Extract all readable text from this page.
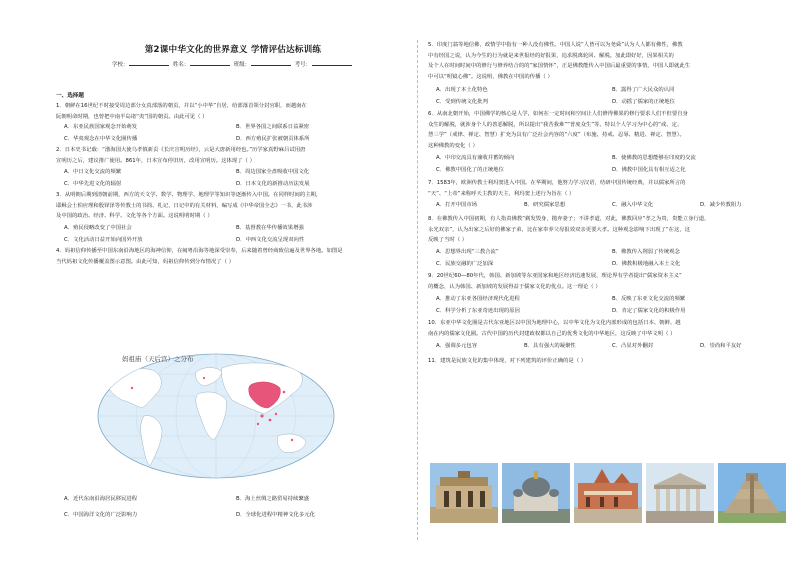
第2课中华文化的世界意义 学情评估达标训练
学校：	姓名：	班级：	考号：
一、选择题
1．朝鲜在16世纪不时接受周边部分女真部落的朝贡，并以“小中华”自居，给部落首领分封官职，而越南在
阮朝明命时期，也曾把中南半岛诸“夷”国的朝贡。由此可见（ ）
A．东亚民族国家观念开始萌发	B．世界各国之间联系日益紧密
C．华夷观念在中华文化圈传播	D．西方殖民扩张被朝贡体系所
2．日本史书记载：“渤海国大使乌孝慎新贡《长庆宣明历经》，云是大唐新用经也。”历学家真野麻吕试用唐
宣明历之后，建议推广使用。861年，日本宣布停旧历，改用宣明历。这体现了（ ）
A．中日文化交流的频繁	B．周边国家全盘吸收中国文化
C．中华先进文化的辐射	D．日本文化的新推动历法发展
3．从明朝后期到清朝前期，西方的天文学、数学、物理学、地理学等知识等逐渐传入中国。在同样时间的主期，
耶稣会士柏应理和殷铎泽等传教士的书简、札记，日记中的有关材料，编写成《中华帝国全志》一书，此书涉
及中国的政治、经济、科学、文化等各个方面。这说明明时期（ ）
A．殖民侵略改变了中国社会	B．基督教在华传播效果增强
C．文化活动日益开始向国外开放	D．中西文化交流呈现双向性
4．妈祖信仰传播至中国东南沿海地区的海神信仰，在闽粤沿海等地深受崇奉，后来随着曾经商致信遍及世界各地。如图是
当代妈祖文化传播覆盖图示意图。由此可知，妈祖信仰传到分布情况了（ ）
妈祖庙（天后宫）之分布
A．近代东南沿海居民移民进程	B．海上丝绸之路贸易持续繁盛
C．中国海洋文化的广泛影响力	D．全球化进程中精神文化多元化
5．印度门翁等地信佛，政情学中指有一种人没有佛性。中国人说“人皆可以为尧舜”认为人人都有佛性，佛教
中有经国之说，认为今生的行为就是来世报经的好报果，追求脱离轮回、解脱。加此即好好，因果相关的
及个人在时间时间中的修行与修养结合的的“家国情怀”，正是佛教能传入中国后最重要的事情，中国人即就此生
中可以“明镜心佛”。这说明，佛教在中国的传播（ ）
A．出现了本土化特色	B．露得了广大民众的认同
C．受到传统文化批判	D．动摇了儒家的正统地位
6．从南北朝开始，中国佛学的核心是人学，如何在一定时间和空间让人们修得佛果的修行要求人们不但要自身
众生的解脱，就涉身个人的善恶解脱，所以提出“我苦我难”“普度众生”等。特以个人学习为中心的“戒、定、
慧三学”（戒律、禅定、智慧）扩充为具有广泛社会内容的“六度”（布施、持戒、忍辱、精进、禅定、智慧）。
这种佛教的变化（ ）
A．中印交流具有兼收并蓄的倾向	B．使佛教的思想能够在印度的交流
C．佛教中国化了的正统地位	D．佛教中国化具有相互适之化
7．1583年，欧洲传教士利玛窦进入中国。在华期间，他努力学习汉语，结研中国传统经典，并以儒家所言的
“天”、“上帝”来称呼天主教的天主，利玛窦上述行为旨在（ ）
A．打开中国市场	B．研究儒家思想	C．融入中华文化	D．减少传教阻力
8．在佛教传入中国初期，有人指责佛教“剃发毁身，抛弃妻子；不讲孝道，对此，佛教回应“孝之为贵，贵能立身行道，
永光双亲”，认为出家之后好的佛家子弟，比在家奉养父母报效双亲更要大孝。这种观念影响下出现了“在这，这
反映了当时（ ）
A．思想界出现“三教合流”	B．佛教传入削弱了传统观念
C．民族交融的广泛加深	D．佛教积极地融入本土文化
9．20世纪60—80年代，韩国、新加坡等东亚国家和地区经济迅速发展，理论界有学者提出“儒家资本主义”
的概念，认为韩国、新加坡的发展得益于儒家文化的优点。这一理论（ ）
A．推动了东亚各国经济现代化进程	B．反映了东亚文化交流的频繁
C．科学分析了东亚奇迹出现的原因	D．肯定了儒家文化的积极作用
10．东亚中华文化圈是古代东亚地区以中国为地理中心，以中华文化为文化内部形成的包括日本、朝鲜、越
南在内的儒家文化圈。古代中国的历代封建政权都以自己的优秀文化的中华地区，这反映了中华文明（ ）
A．强调多元包容	B．具有强大的凝聚性	C．凸显对外翻封	D．崇尚和平友好
11．建筑是民族文化的集中体现，对下列建筑的评价正确的是（ ）
